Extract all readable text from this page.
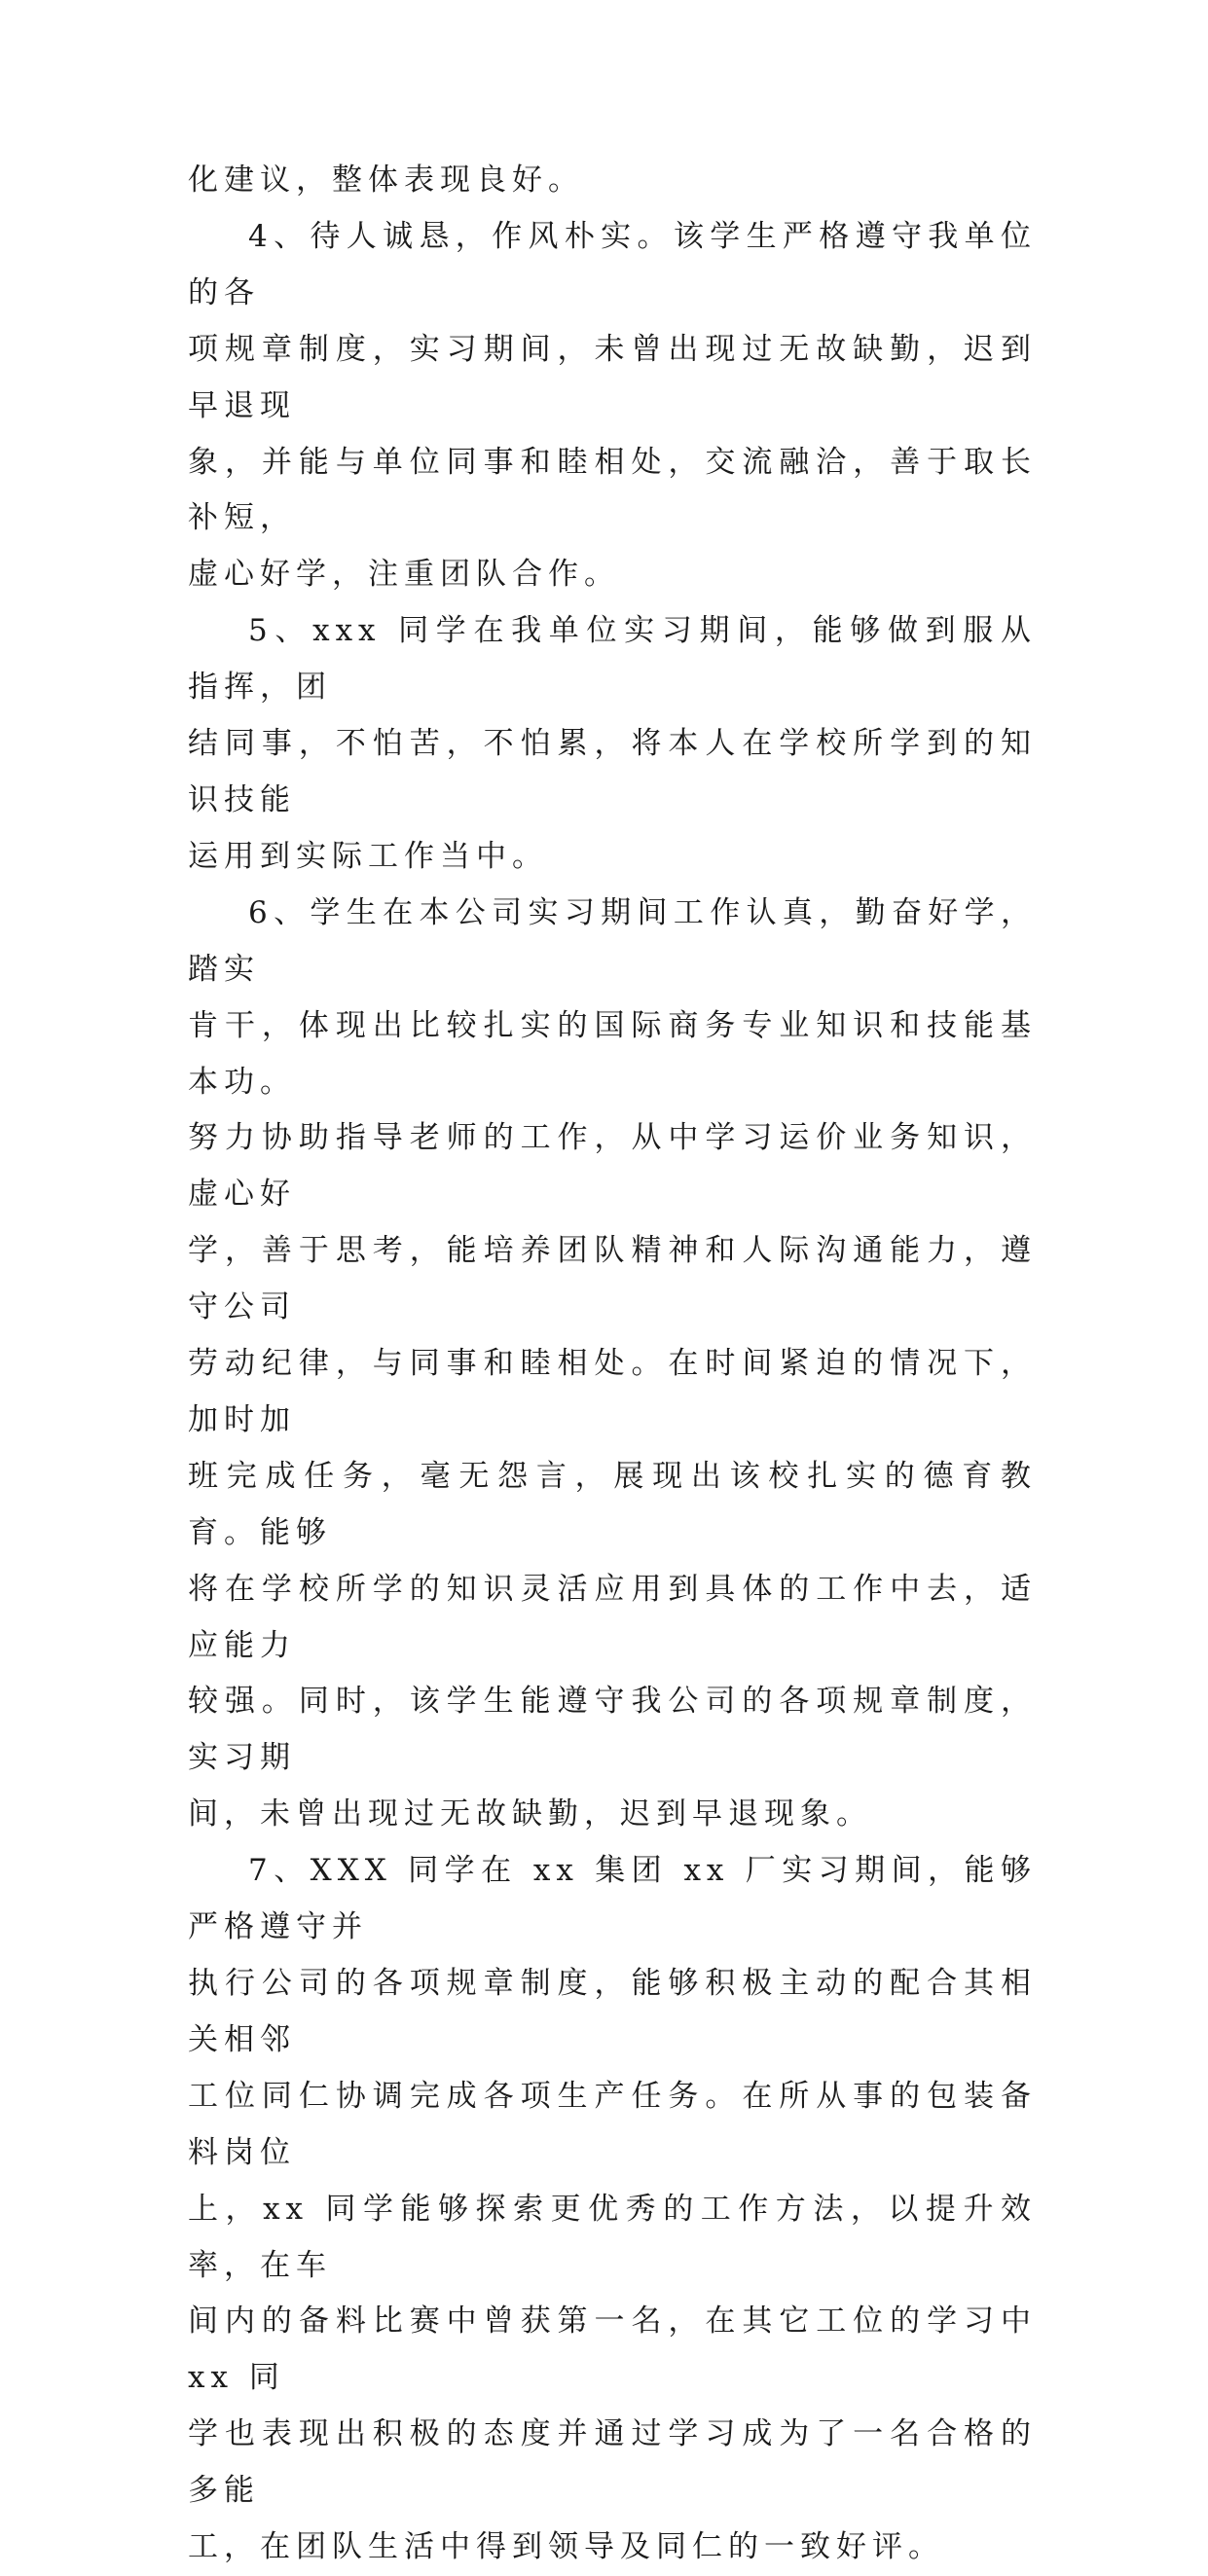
化建议，整体表现良好。
4、待人诚恳，作风朴实。该学生严格遵守我单位的各
项规章制度，实习期间，未曾出现过无故缺勤，迟到早退现
象，并能与单位同事和睦相处，交流融洽，善于取长补短，
虚心好学，注重团队合作。
5、xxx 同学在我单位实习期间，能够做到服从指挥，团
结同事，不怕苦，不怕累，将本人在学校所学到的知识技能
运用到实际工作当中。
6、学生在本公司实习期间工作认真，勤奋好学，踏实
肯干，体现出比较扎实的国际商务专业知识和技能基本功。
努力协助指导老师的工作，从中学习运价业务知识，虚心好
学，善于思考，能培养团队精神和人际沟通能力，遵守公司
劳动纪律，与同事和睦相处。在时间紧迫的情况下，加时加
班完成任务，毫无怨言，展现出该校扎实的德育教育。能够
将在学校所学的知识灵活应用到具体的工作中去，适应能力
较强。同时，该学生能遵守我公司的各项规章制度，实习期
间，未曾出现过无故缺勤，迟到早退现象。
7、XXX 同学在 xx 集团 xx 厂实习期间，能够严格遵守并
执行公司的各项规章制度，能够积极主动的配合其相关相邻
工位同仁协调完成各项生产任务。在所从事的包装备料岗位
上，xx 同学能够探索更优秀的工作方法，以提升效率，在车
间内的备料比赛中曾获第一名，在其它工位的学习中 xx 同
学也表现出积极的态度并通过学习成为了一名合格的多能
工，在团队生活中得到领导及同仁的一致好评。
